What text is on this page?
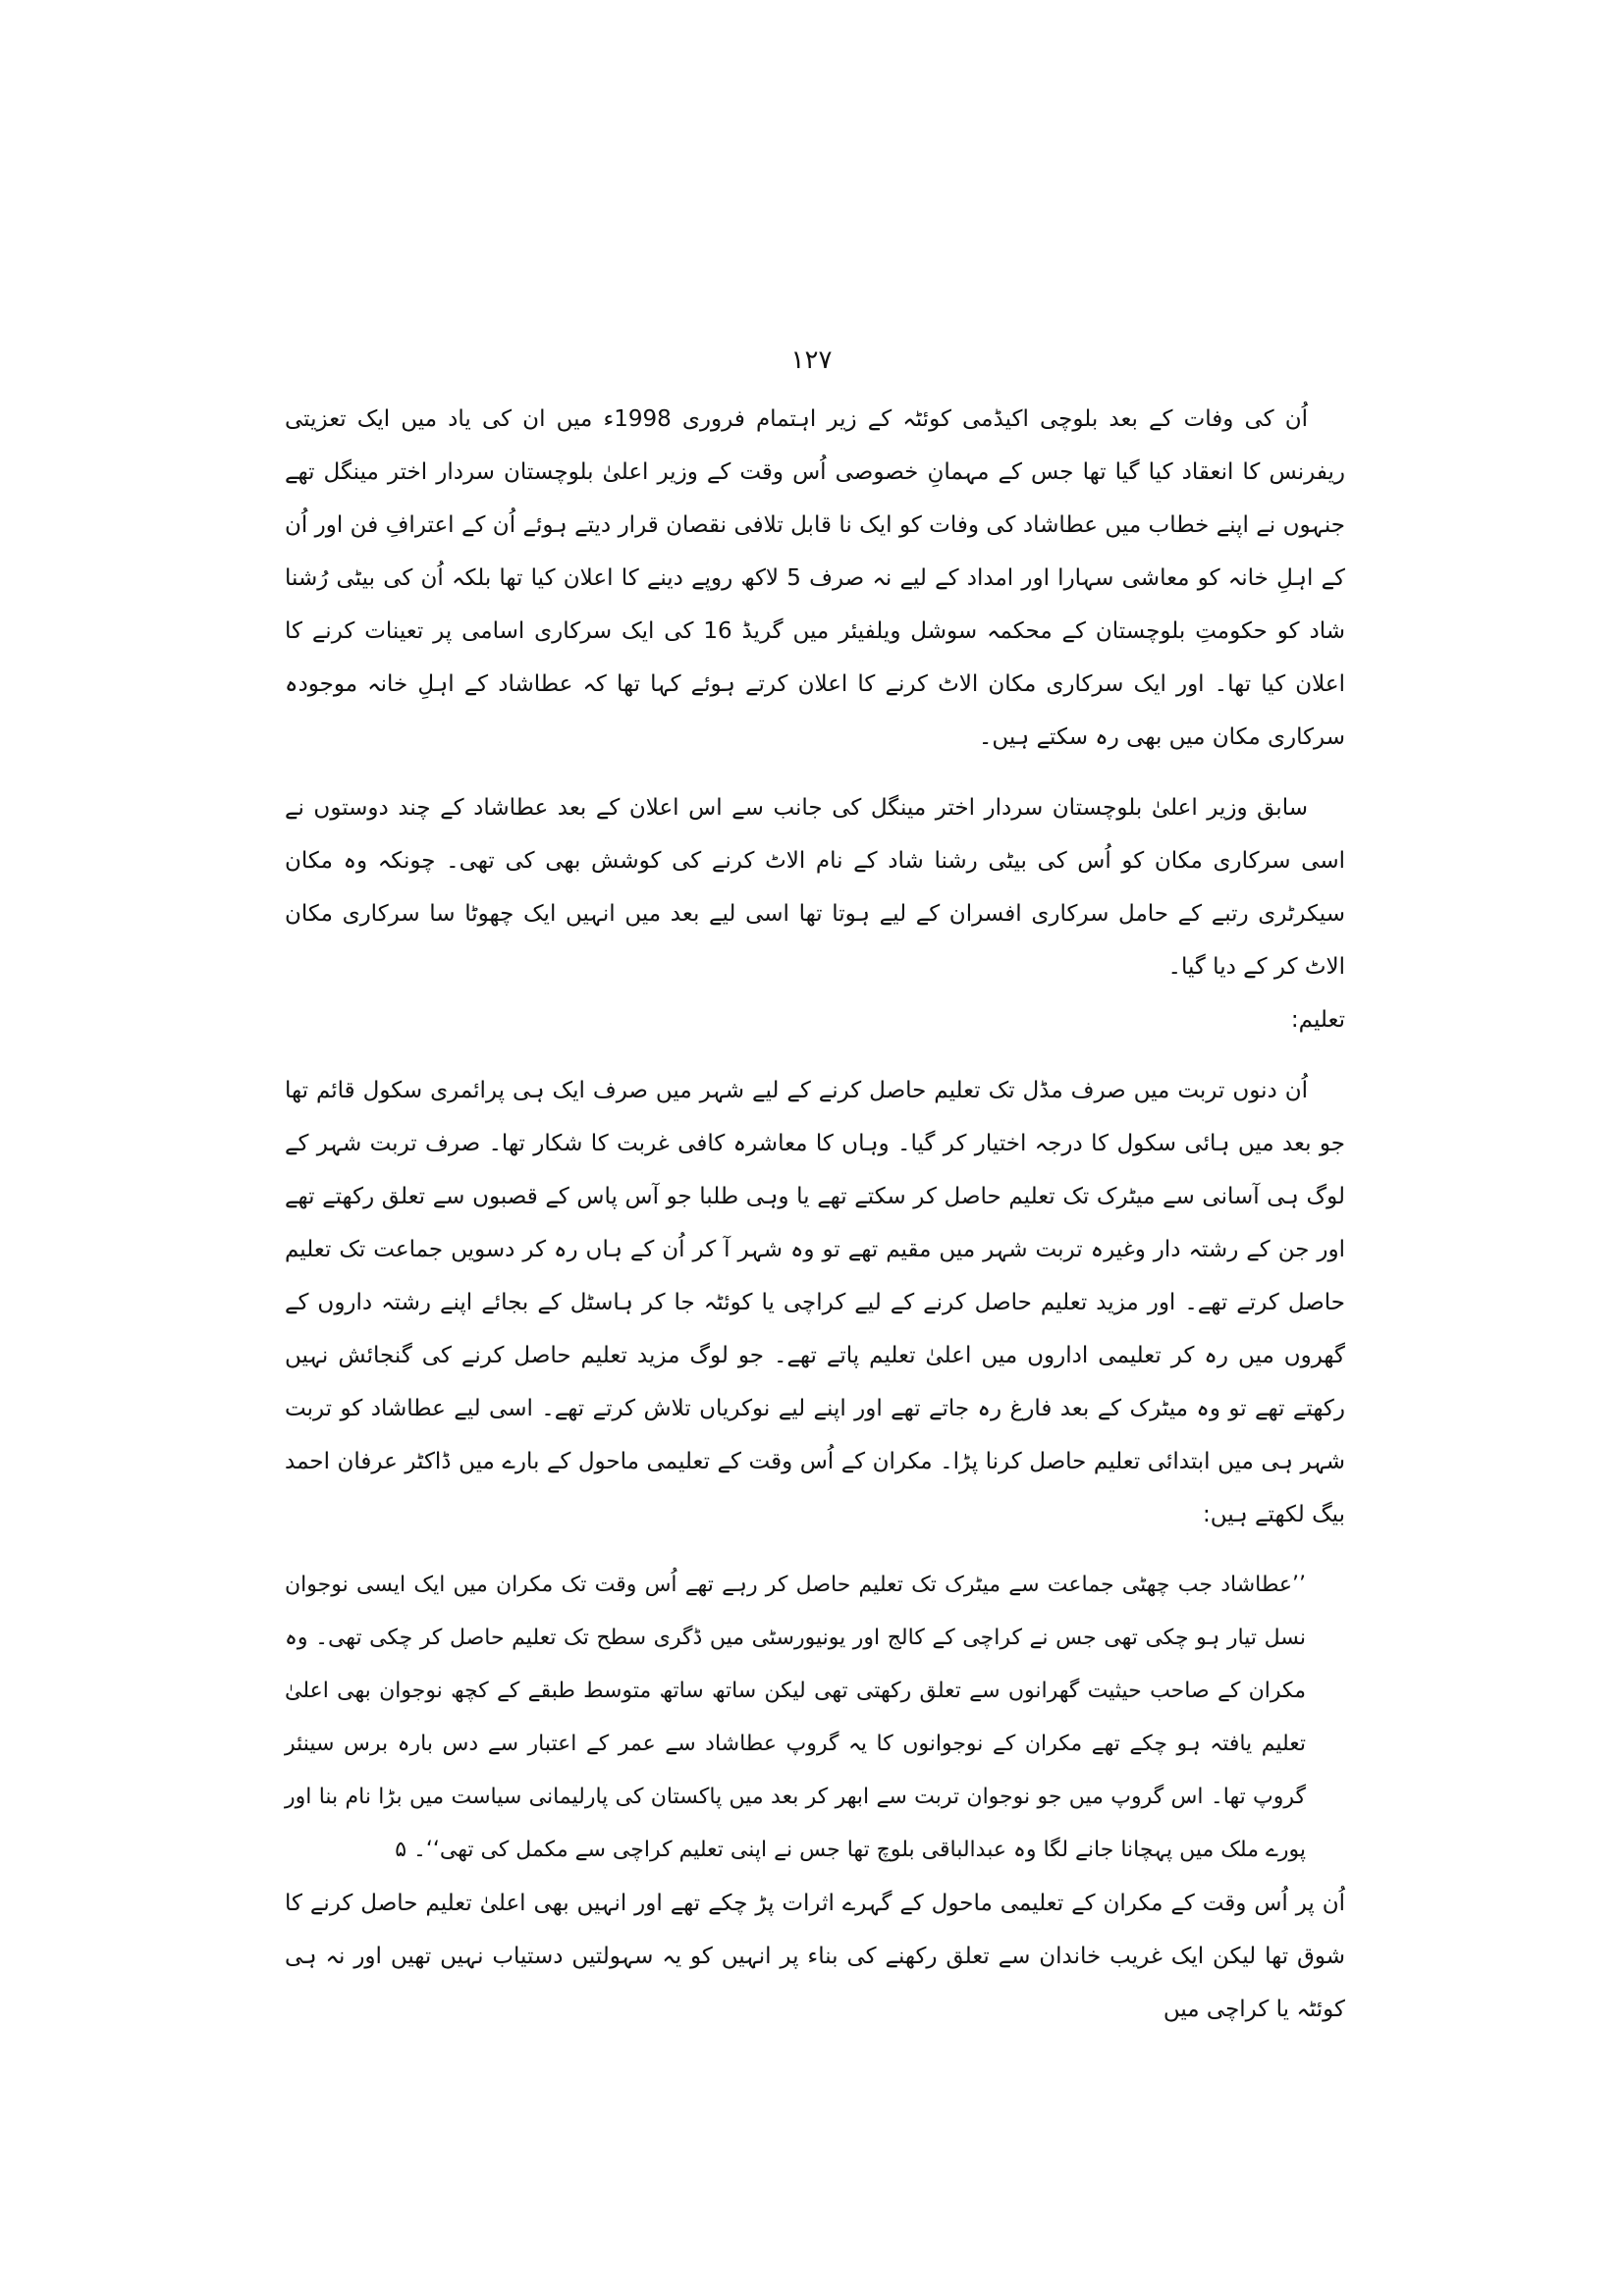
۱۲۷

اُن کی وفات کے بعد بلوچی اکیڈمی کوئٹہ کے زیر اہتمام فروری 1998ء میں ان کی یاد میں ایک تعزیتی ریفرنس کا انعقاد کیا گیا تھا جس کے مہمانِ خصوصی اُس وقت کے وزیر اعلیٰ بلوچستان سردار اختر مینگل تھے جنہوں نے اپنے خطاب میں عطاشاد کی وفات کو ایک نا قابل تلافی نقصان قرار دیتے ہوئے اُن کے اعترافِ فن اور اُن کے اہلِ خانہ کو معاشی سہارا اور امداد کے لیے نہ صرف 5 لاکھ روپے دینے کا اعلان کیا تھا بلکہ اُن کی بیٹی رُشنا شاد کو حکومتِ بلوچستان کے محکمہ سوشل ویلفیئر میں گریڈ 16 کی ایک سرکاری اسامی پر تعینات کرنے کا اعلان کیا تھا۔ اور ایک سرکاری مکان الاٹ کرنے کا اعلان کرتے ہوئے کہا تھا کہ عطاشاد کے اہلِ خانہ موجودہ سرکاری مکان میں بھی رہ سکتے ہیں۔

سابق وزیر اعلیٰ بلوچستان سردار اختر مینگل کی جانب سے اس اعلان کے بعد عطاشاد کے چند دوستوں نے اسی سرکاری مکان کو اُس کی بیٹی رشنا شاد کے نام الاٹ کرنے کی کوشش بھی کی تھی۔ چونکہ وہ مکان سیکرٹری رتبے کے حامل سرکاری افسران کے لیے ہوتا تھا اسی لیے بعد میں انہیں ایک چھوٹا سا سرکاری مکان الاٹ کر کے دیا گیا۔

تعلیم:

اُن دنوں تربت میں صرف مڈل تک تعلیم حاصل کرنے کے لیے شہر میں صرف ایک ہی پرائمری سکول قائم تھا جو بعد میں ہائی سکول کا درجہ اختیار کر گیا۔ وہاں کا معاشرہ کافی غربت کا شکار تھا۔ صرف تربت شہر کے لوگ ہی آسانی سے میٹرک تک تعلیم حاصل کر سکتے تھے یا وہی طلبا جو آس پاس کے قصبوں سے تعلق رکھتے تھے اور جن کے رشتہ دار وغیرہ تربت شہر میں مقیم تھے تو وہ شہر آ کر اُن کے ہاں رہ کر دسویں جماعت تک تعلیم حاصل کرتے تھے۔ اور مزید تعلیم حاصل کرنے کے لیے کراچی یا کوئٹہ جا کر ہاسٹل کے بجائے اپنے رشتہ داروں کے گھروں میں رہ کر تعلیمی اداروں میں اعلیٰ تعلیم پاتے تھے۔ جو لوگ مزید تعلیم حاصل کرنے کی گنجائش نہیں رکھتے تھے تو وہ میٹرک کے بعد فارغ رہ جاتے تھے اور اپنے لیے نوکریاں تلاش کرتے تھے۔ اسی لیے عطاشاد کو تربت شہر ہی میں ابتدائی تعلیم حاصل کرنا پڑا۔ مکران کے اُس وقت کے تعلیمی ماحول کے بارے میں ڈاکٹر عرفان احمد بیگ لکھتے ہیں:

’’عطاشاد جب چھٹی جماعت سے میٹرک تک تعلیم حاصل کر رہے تھے اُس وقت تک مکران میں ایک ایسی نوجوان نسل تیار ہو چکی تھی جس نے کراچی کے کالج اور یونیورسٹی میں ڈگری سطح تک تعلیم حاصل کر چکی تھی۔ وہ مکران کے صاحب حیثیت گھرانوں سے تعلق رکھتی تھی لیکن ساتھ ساتھ متوسط طبقے کے کچھ نوجوان بھی اعلیٰ تعلیم یافتہ ہو چکے تھے مکران کے نوجوانوں کا یہ گروپ عطاشاد سے عمر کے اعتبار سے دس بارہ برس سینئر گروپ تھا۔ اس گروپ میں جو نوجوان تربت سے ابھر کر بعد میں پاکستان کی پارلیمانی سیاست میں بڑا نام بنا اور پورے ملک میں پہچانا جانے لگا وہ عبدالباقی بلوچ تھا جس نے اپنی تعلیم کراچی سے مکمل کی تھی‘‘۔ ۵

اُن پر اُس وقت کے مکران کے تعلیمی ماحول کے گہرے اثرات پڑ چکے تھے اور انہیں بھی اعلیٰ تعلیم حاصل کرنے کا شوق تھا لیکن ایک غریب خاندان سے تعلق رکھنے کی بناء پر انہیں کو یہ سہولتیں دستیاب نہیں تھیں اور نہ ہی کوئٹہ یا کراچی میں
